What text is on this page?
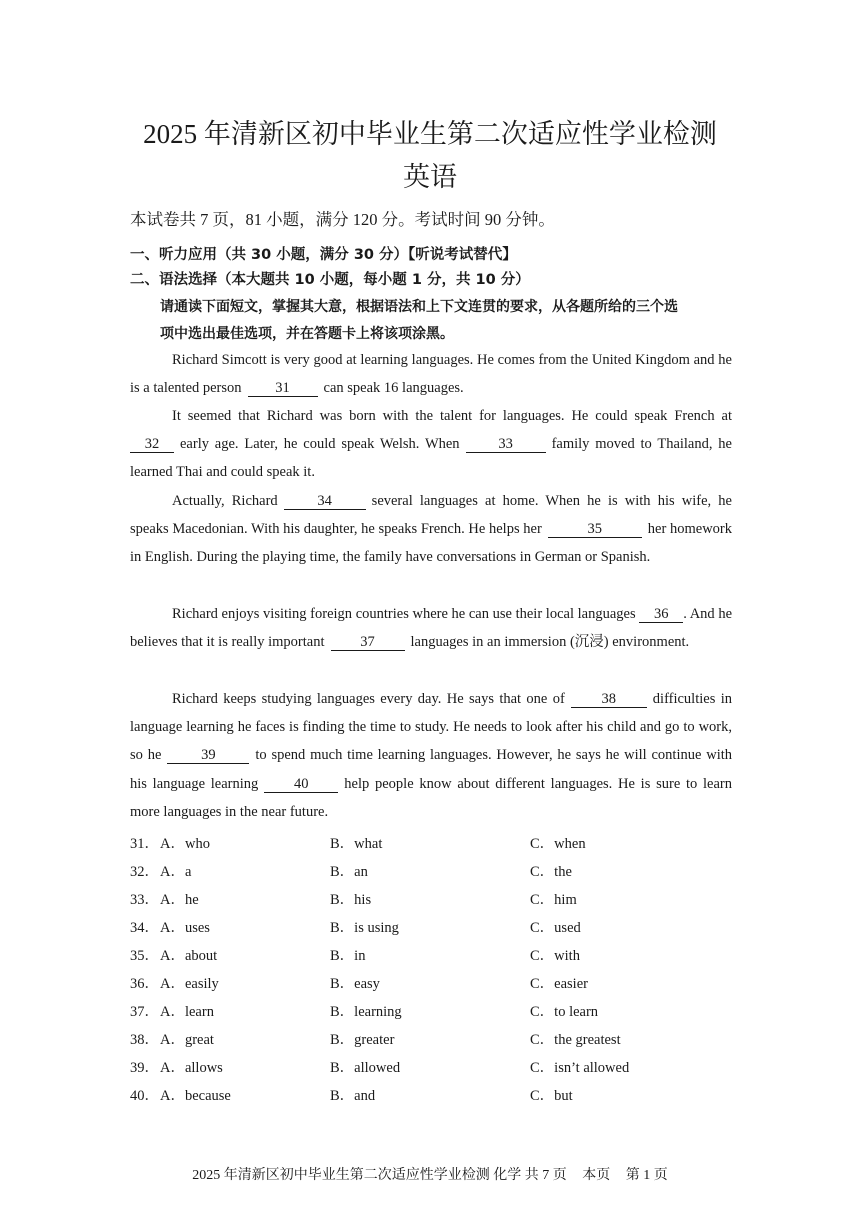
2025 年清新区初中毕业生第二次适应性学业检测
英语
本试卷共 7 页，81 小题，满分 120 分。考试时间 90 分钟。
一、听力应用（共 30 小题，满分 30 分）【听说考试替代】
二、语法选择（本大题共 10 小题，每小题 1 分，共 10 分）
请通读下面短文，掌握其大意，根据语法和上下文连贯的要求，从各题所给的三个选
项中选出最佳选项，并在答题卡上将该项涂黑。
Richard Simcott is very good at learning languages. He comes from the United Kingdom and he is a talented person 31 can speak 16 languages.
It seemed that Richard was born with the talent for languages. He could speak French at 32 early age. Later, he could speak Welsh. When	33	family moved to Thailand, he learned Thai and could speak it.
Actually, Richard	34	several languages at home. When he is with his wife, he speaks Macedonian. With his daughter, he speaks French. He helps her	35	her homework in English. During the playing time, the family have conversations in German or Spanish.
Richard enjoys visiting foreign countries where he can use their local languages 36 . And he believes that it is really important 37 languages in an immersion (沉浸) environment.
Richard keeps studying languages every day. He says that one of	38	difficulties in language learning he faces is finding the time to study. He needs to look after his child and go to work, so he	39	to spend much time learning languages. However, he says he will continue with his language learning 40 help people know about different languages. He is sure to learn more languages in the near future.
31． A．who	B．what	C．when
32． A．a	B．an	C．the
33． A．he	B．his	C．him
34． A．uses	B．is using	C．used
35． A．about	B．in	C．with
36． A．easily	B．easy	C．easier
37． A．learn	B．learning	C．to learn
38． A．great	B．greater	C．the greatest
39． A．allows	B．allowed	C．isn’t allowed
40． A．because	B．and	C．but
2025 年清新区初中毕业生第二次适应性学业检测 化学 共 7 页 本页 第 1 页
